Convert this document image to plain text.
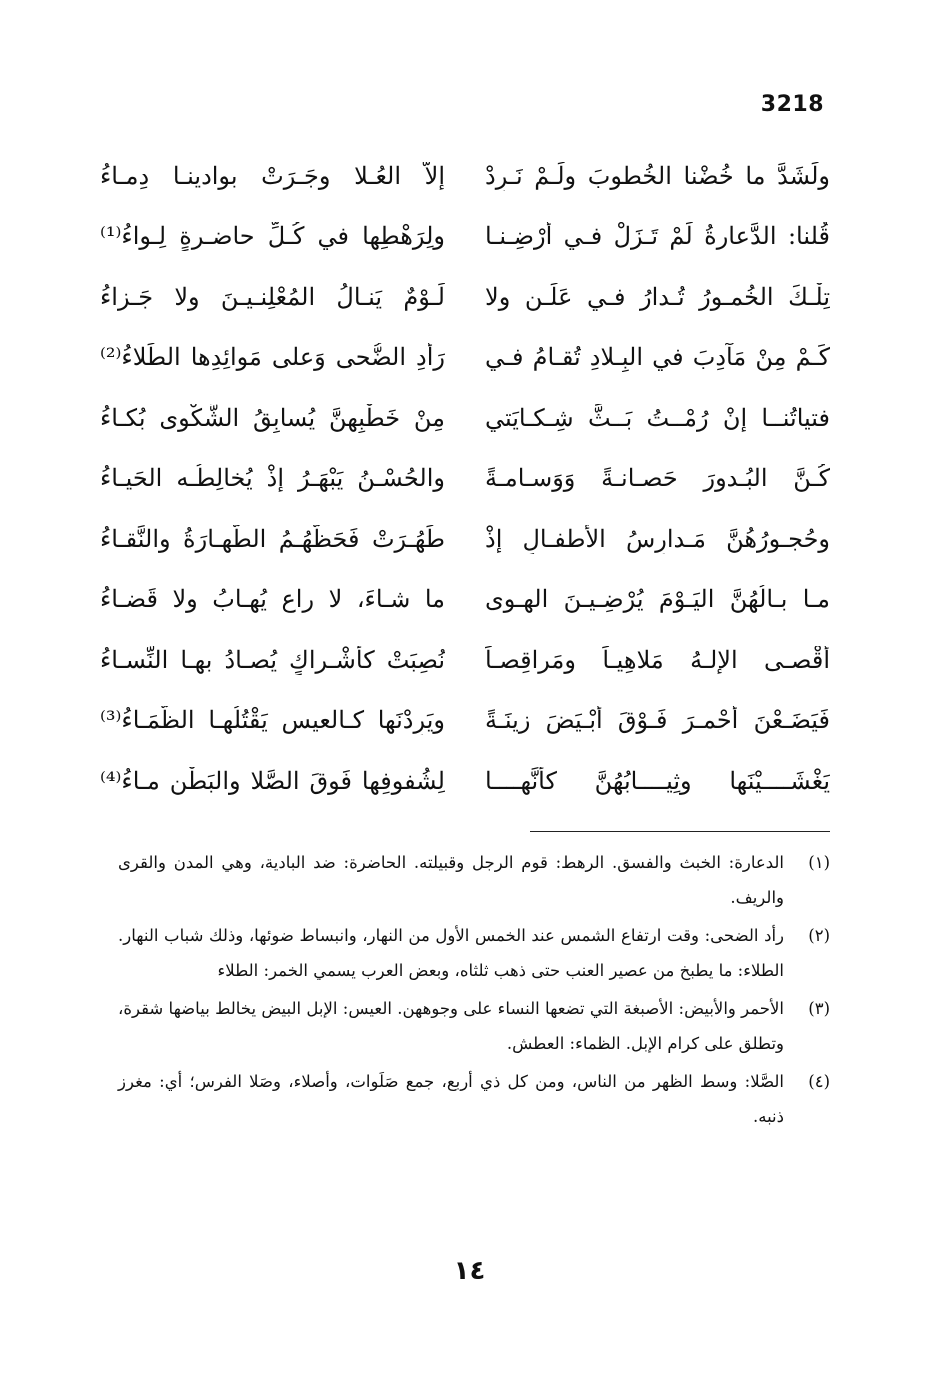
3218
ولَشَدَّ ما خُضْنا الخُطوبَ ولَـمْ نَـرِدْ
إلاَّ العُـلا وجَـرَتْ بوادينـا دِمـاءُ
قُلنا: الدَّعارةُ لَمْ تَـزَلْ فـي أَرْضِـنـا
ولِرَهْطِها في كُـلِّ حاضـرةٍ لِـواءُ⁽¹⁾
تِلْـكَ الخُمـورُ تُـدارُ فـي عَلَـنٍ ولا
لَـوْمٌ يَنـالُ المُعْلِنـيـنَ ولا جَـزاءُ
كَـمْ مِنْ مَآدِبَ في البِـلادِ تُقـامُ فـي
رَأْدِ الضُّحى وَعلى مَوائِدِها الطِّلاءُ⁽²⁾
فتياتُنــا إنْ رُمْــتُ بَــثَّ شِـكـايَتي
مِنْ خَطْبِهِنَّ يُسابِقُ الشَّكْوى بُكـاءُ
كُـنَّ البُـدورَ حَصـانـةً وَوَسـامـةً
والحُسْـنُ يَبْهَـرُ إذْ يُخالِطُـه الحَيـاءُ
وحُجـورُهُنَّ مَـدارِسُ الأَطفـالِ إذْ
طَهُـرَتْ فَحَظُّهُـمُ الطَّهـارَةُ والنَّقـاءُ
مـا بـالُهُنَّ اليَـوْمَ يُرْضِـيـنَ الهـوى
ما شـاءَ، لا راعٍ يُهـابُ ولا قَضـاءُ
أَقْصـى الإلـهُ مَلاهِيـاً ومَراقِصـاً
نُصِبَتْ كأَشْـراكٍ يُصـادُ بهـا النِّسـاءُ
فَيَضَـعْنَ أَحْمـرَ فَـوْقَ أَبْـيَضَ زينَـةً
ويَرِدْنَها كـالعيسِ يَقْتُلُهـا الظَّمَـاءُ⁽³⁾
يَغْشَــــيْنَها وثِيــــابُهُنَّ كأَنَّهــــا
لِشُفوفِها فَوقَ الصَّلا والبَطْنِ مـاءُ⁽⁴⁾
(١)
الدعارة: الخبث والفسق. الرهط: قوم الرجل وقبيلته. الحاضرة: ضد البادية، وهي المدن والقرى والريف.
(٢)
رأد الضحى: وقت ارتفاع الشمس عند الخمس الأول من النهار، وانبساط ضوئها، وذلك شباب النهار. الطلاء: ما يطبخ من عصير العنب حتى ذهب ثلثاه، وبعض العرب يسمي الخمر: الطلاء
(٣)
الأحمر والأبيض: الأصبغة التي تضعها النساء على وجوههن. العيس: الإبل البيض يخالط بياضها شقرة، وتطلق على كرام الإبل. الظماء: العطش.
(٤)
الصَّلا: وسط الظهر من الناس، ومن كل ذي أربع، جمع صَلَوات، وأصلاء، وصَلا الفرس؛ أي: مغرز ذنبه.
١٤
